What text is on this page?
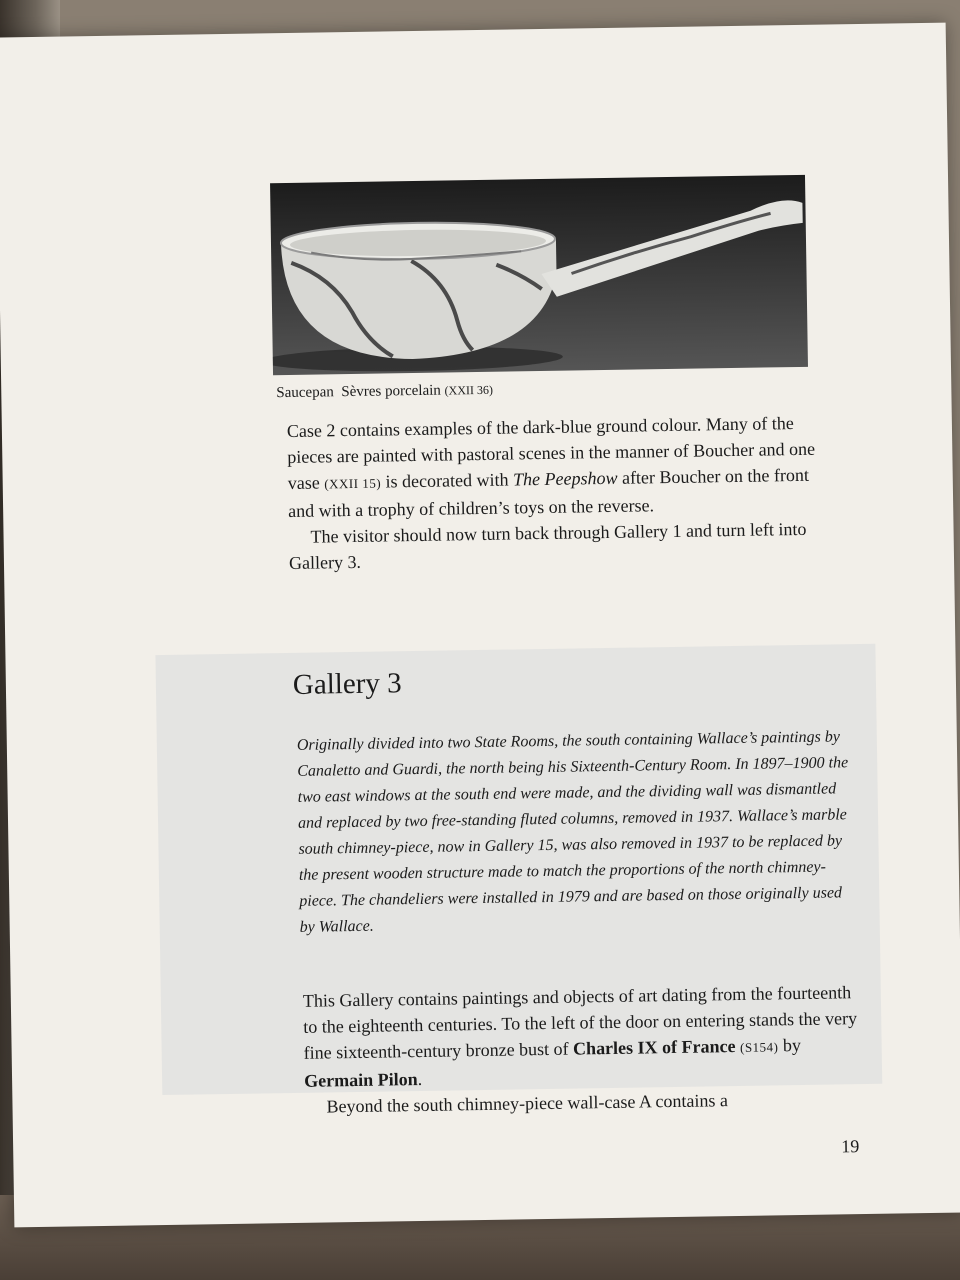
Saucepan Sèvres porcelain (XXII 36)

Case 2 contains examples of the dark-blue ground colour. Many of the pieces are painted with pastoral scenes in the manner of Boucher and one vase (XXII 15) is decorated with The Peepshow after Boucher on the front and with a trophy of children’s toys on the reverse.

The visitor should now turn back through Gallery 1 and turn left into Gallery 3.

Gallery 3
Originally divided into two State Rooms, the south containing Wallace’s paintings by Canaletto and Guardi, the north being his Sixteenth-Century Room. In 1897–1900 the two east windows at the south end were made, and the dividing wall was dismantled and replaced by two free-standing fluted columns, removed in 1937. Wallace’s marble south chimney-piece, now in Gallery 15, was also removed in 1937 to be replaced by the present wooden structure made to match the proportions of the north chimney-piece. The chandeliers were installed in 1979 and are based on those originally used by Wallace.

This Gallery contains paintings and objects of art dating from the fourteenth to the eighteenth centuries. To the left of the door on entering stands the very fine sixteenth-century bronze bust of Charles IX of France (S154) by Germain Pilon.

Beyond the south chimney-piece wall-case A contains a

19
